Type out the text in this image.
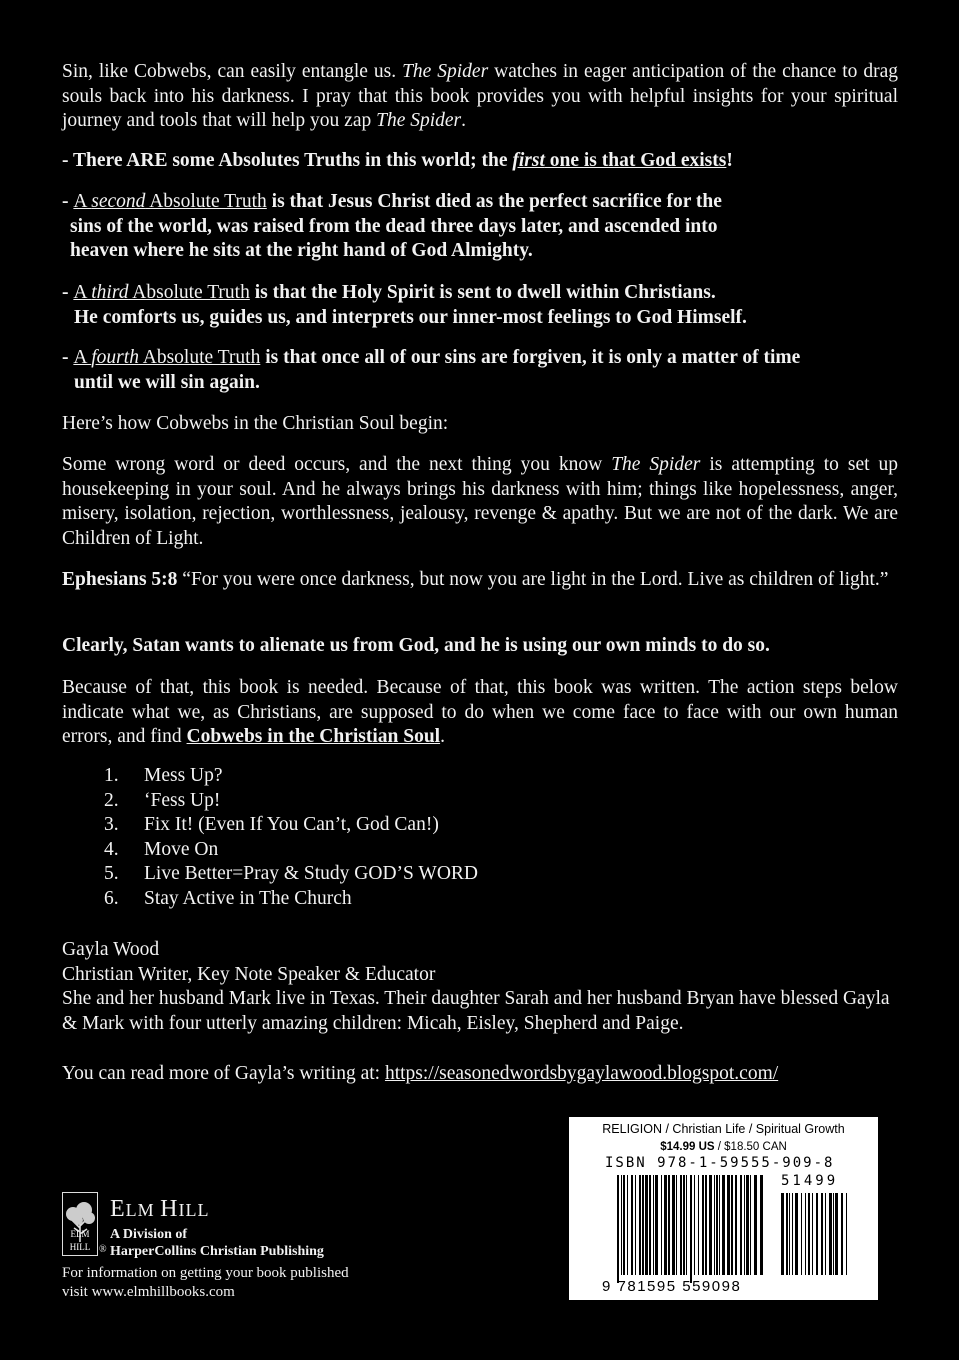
Sin, like Cobwebs, can easily entangle us. The Spider watches in eager anticipation of the chance to drag souls back into his darkness. I pray that this book provides you with helpful insights for your spiritual journey and tools that will help you zap The Spider.

- There ARE some Absolutes Truths in this world; the first one is that God exists!

- A second Absolute Truth is that Jesus Christ died as the perfect sacrifice for the
sins of the world, was raised from the dead three days later, and ascended into
heaven where he sits at the right hand of God Almighty.

- A third Absolute Truth is that the Holy Spirit is sent to dwell within Christians.
He comforts us, guides us, and interprets our inner-most feelings to God Himself.

- A fourth Absolute Truth is that once all of our sins are forgiven, it is only a matter of time
until we will sin again.

Here’s how Cobwebs in the Christian Soul begin:

Some wrong word or deed occurs, and the next thing you know The Spider is attempting to set up housekeeping in your soul. And he always brings his darkness with him; things like hopelessness, anger, misery, isolation, rejection, worthlessness, jealousy, revenge & apathy. But we are not of the dark. We are Children of Light.

Ephesians 5:8 “For you were once darkness, but now you are light in the Lord. Live as children of light.”

Clearly, Satan wants to alienate us from God, and he is using our own minds to do so.

Because of that, this book is needed. Because of that, this book was written. The action steps below indicate what we, as Christians, are supposed to do when we come face to face with our own human errors, and find Cobwebs in the Christian Soul.

1. Mess Up?
2. ‘Fess Up!
3. Fix It! (Even If You Can’t, God Can!)
4. Move On
5. Live Better=Pray & Study GOD’S WORD
6. Stay Active in The Church

Gayla Wood
Christian Writer, Key Note Speaker & Educator
She and her husband Mark live in Texas. Their daughter Sarah and her husband Bryan have blessed Gayla & Mark with four utterly amazing children: Micah, Eisley, Shepherd and Paige.

You can read more of Gayla’s writing at: https://seasonedwordsbygaylawood.blogspot.com/

ELM
HILL
ELM HILL
A Division of
HarperCollins Christian Publishing
®
For information on getting your book published
visit www.elmhillbooks.com
RELIGION / Christian Life / Spiritual Growth
$14.99 US / $18.50 CAN
ISBN 978-1-59555-909-8
51499
9 781595 559098
